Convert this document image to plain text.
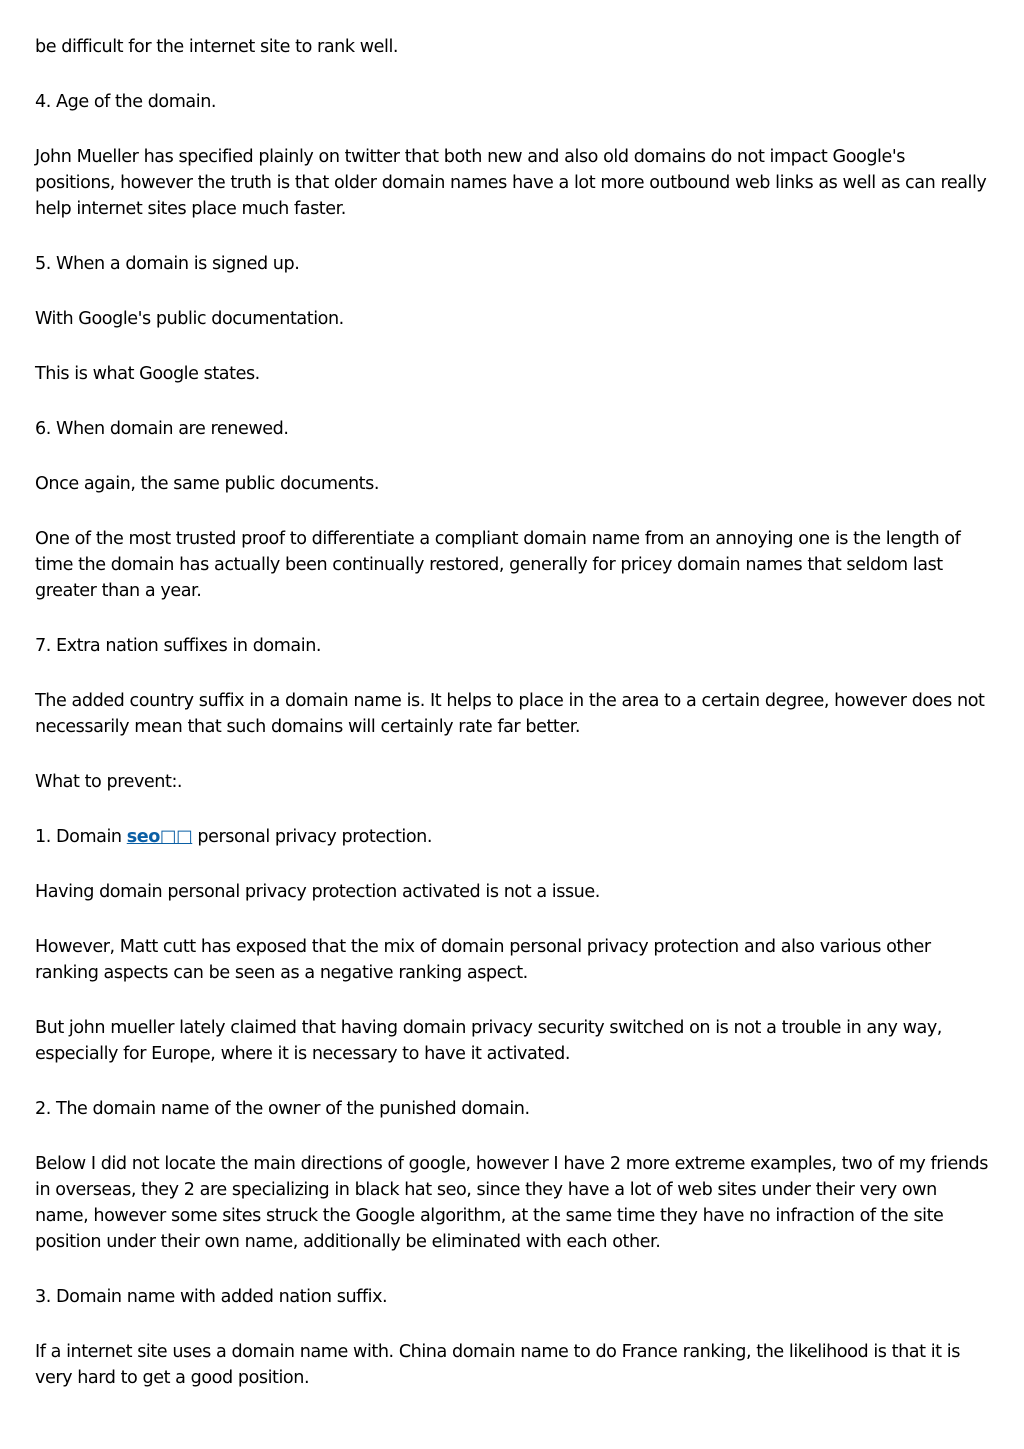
be difficult for the internet site to rank well.

4. Age of the domain.

John Mueller has specified plainly on twitter that both new and also old domains do not impact Google's positions, however the truth is that older domain names have a lot more outbound web links as well as can really help internet sites place much faster.

5. When a domain is signed up.

With Google's public documentation.

This is what Google states.

6. When domain are renewed.

Once again, the same public documents.

One of the most trusted proof to differentiate a compliant domain name from an annoying one is the length of time the domain has actually been continually restored, generally for pricey domain names that seldom last greater than a year.

7. Extra nation suffixes in domain.

The added country suffix in a domain name is. It helps to place in the area to a certain degree, however does not necessarily mean that such domains will certainly rate far better.

What to prevent:.

1. Domain seo□□ personal privacy protection.

Having domain personal privacy protection activated is not a issue.

However, Matt cutt has exposed that the mix of domain personal privacy protection and also various other ranking aspects can be seen as a negative ranking aspect.

But john mueller lately claimed that having domain privacy security switched on is not a trouble in any way, especially for Europe, where it is necessary to have it activated.

2. The domain name of the owner of the punished domain.

Below I did not locate the main directions of google, however I have 2 more extreme examples, two of my friends in overseas, they 2 are specializing in black hat seo, since they have a lot of web sites under their very own name, however some sites struck the Google algorithm, at the same time they have no infraction of the site position under their own name, additionally be eliminated with each other.

3. Domain name with added nation suffix.

If a internet site uses a domain name with. China domain name to do France ranking, the likelihood is that it is very hard to get a good position.
